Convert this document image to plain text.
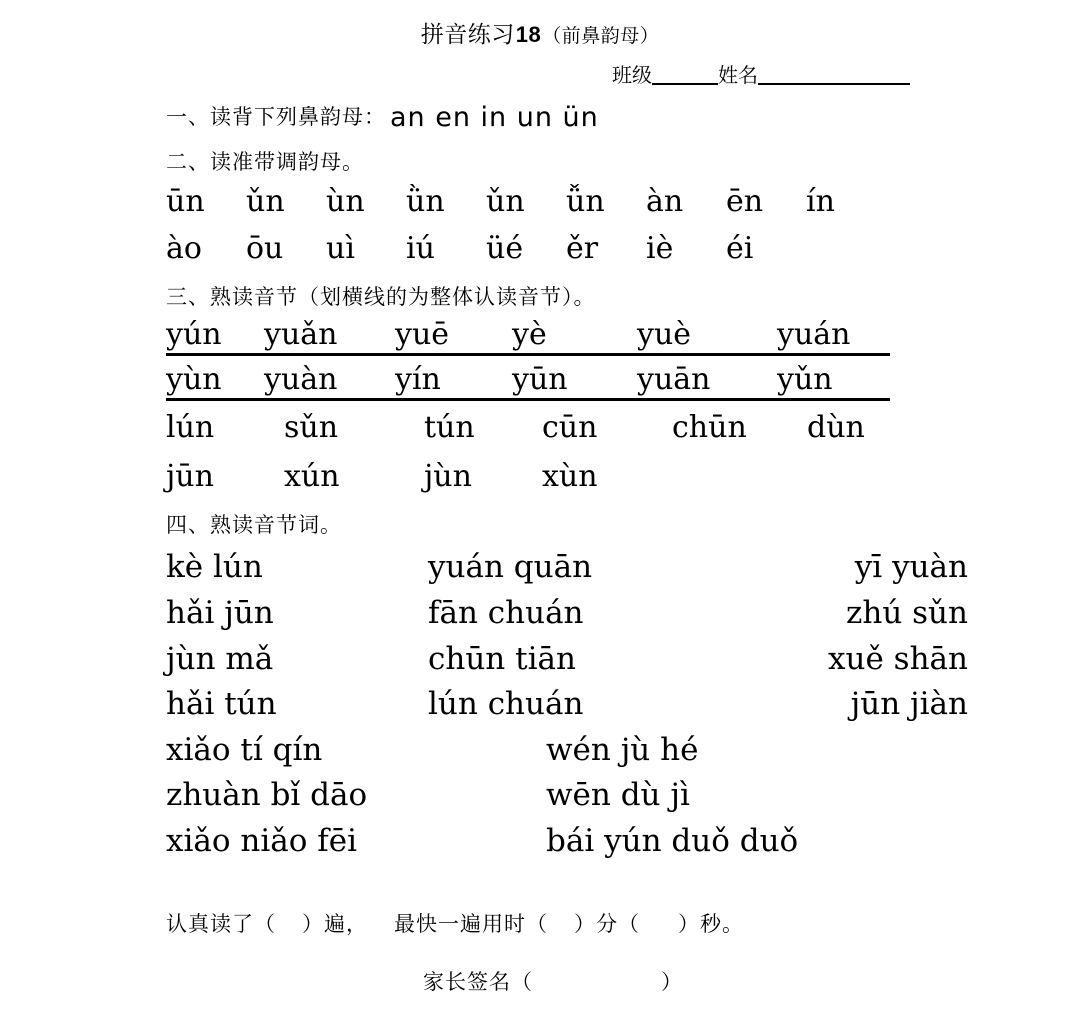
拼音练习18（前鼻韵母）
班级	姓名
一、读背下列鼻韵母： an en in un ün
二、读准带调韵母。
ūn	ǔn	ùn	ǜn	ǔn	ǚn	àn	ēn	ín
ào	ōu	uì	iú	üé	ěr	iè	éi
三、熟读音节（划横线的为整体认读音节）。
yún	yuǎn	yuē	yè	yuè	yuán
yùn	yuàn	yín	yūn	yuān	yǔn
lún	sǔn	tún	cūn	chūn	dùn
jūn	xún	jùn	xùn
四、熟读音节词。
kè lún	yuán quān	yī yuàn
hǎi jūn	fān chuán	zhú sǔn
jùn mǎ	chūn tiān	xuě shān
hǎi tún	lún chuán	jūn jiàn
xiǎo tí qín	wén jù hé
zhuàn bǐ dāo	wēn dù jì
xiǎo niǎo fēi	bái yún duǒ duǒ
认真读了（ ）遍， 最快一遍用时（ ）分（ ）秒。
家长签名（	）
